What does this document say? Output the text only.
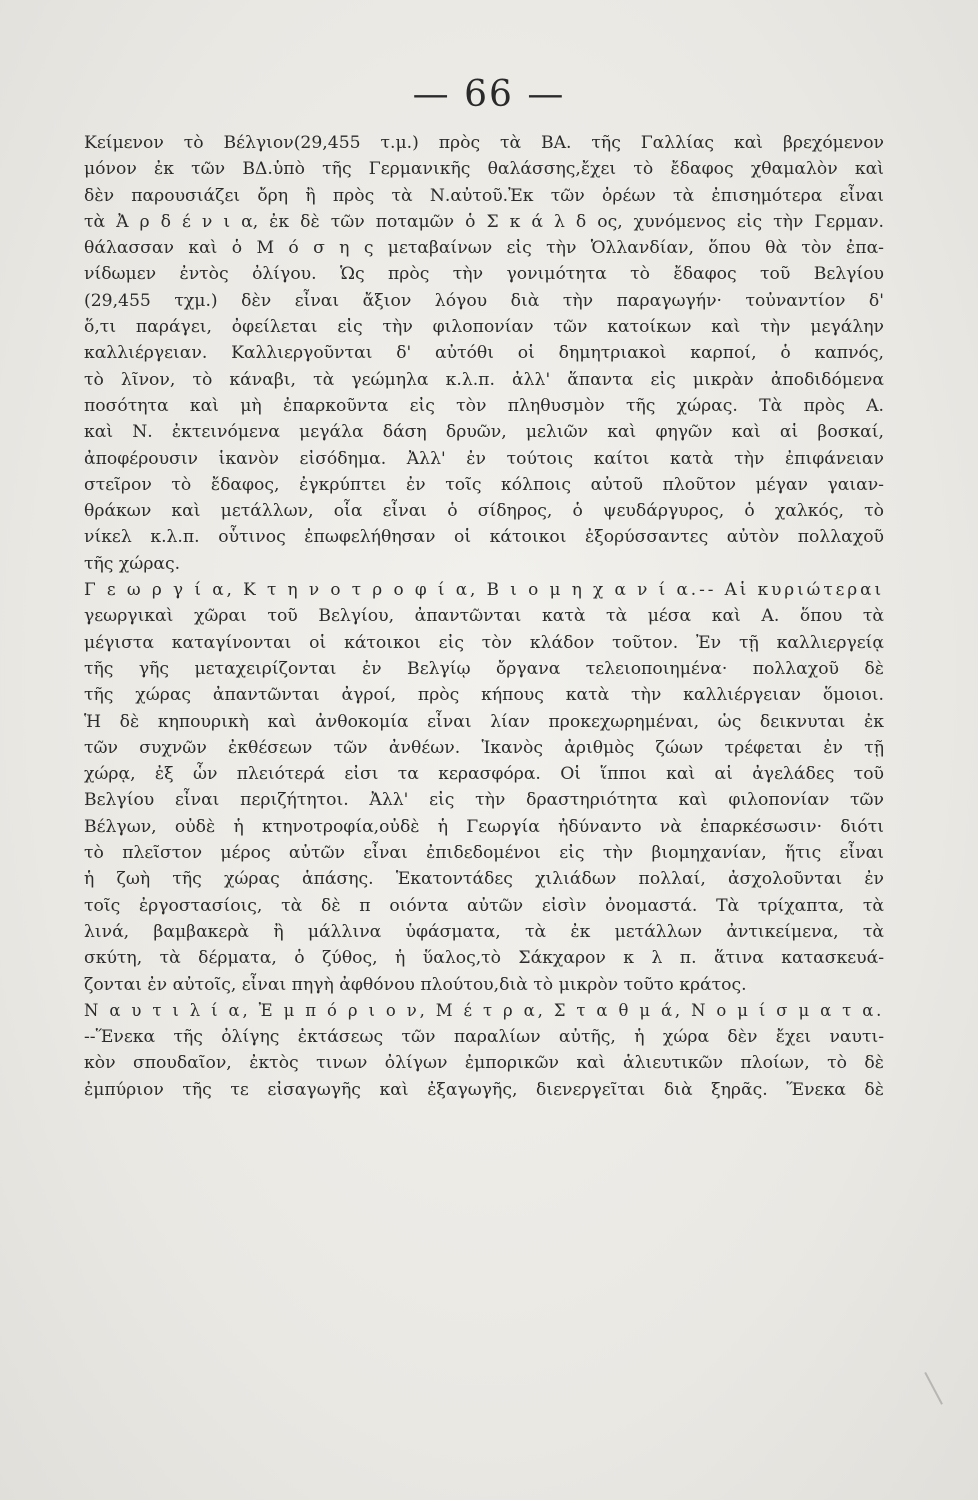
— 66 —
Κείμενον τὸ Βέλγιον(29,455 τ.μ.) πρὸς τὰ ΒΑ. τῆς Γαλλίας καὶ βρεχόμενον
μόνον ἐκ τῶν ΒΔ.ὑπὸ τῆς Γερμανικῆς θαλάσσης,ἔχει τὸ ἔδαφος χθαμαλὸν καὶ
δὲν παρουσιάζει ὄρη ἢ πρὸς τὰ Ν.αὐτοῦ.Ἐκ τῶν ὀρέων τὰ ἐπισημότερα εἶναι
τὰ Ἀ ρ δ έ ν ι α, ἐκ δὲ τῶν ποταμῶν ὁ Σ κ ά λ δ ος, χυνόμενος εἰς τὴν Γερμαν.
θάλασσαν καὶ ὁ Μ ό σ η ς μεταβαίνων εἰς τὴν Ὁλλανδίαν, ὅπου θὰ τὸν ἐπα-
νίδωμεν ἐντὸς ὀλίγου. Ὡς πρὸς τὴν γονιμότητα τὸ ἔδαφος τοῦ Βελγίου
(29,455 τχμ.) δὲν εἶναι ἄξιον λόγου διὰ τὴν παραγωγήν· τοὐναντίον δ'
ὅ,τι παράγει, ὀφείλεται εἰς τὴν φιλοπονίαν τῶν κατοίκων καὶ τὴν μεγάλην
καλλιέργειαν. Καλλιεργοῦνται δ' αὐτόθι οἱ δημητριακοὶ καρποί, ὁ καπνός,
τὸ λῖνον, τὸ κάναβι, τὰ γεώμηλα κ.λ.π. ἀλλ' ἅπαντα εἰς μικρὰν ἀποδιδόμενα
ποσότητα καὶ μὴ ἐπαρκοῦντα εἰς τὸν πληθυσμὸν τῆς χώρας. Τὰ πρὸς Α.
καὶ Ν. ἐκτεινόμενα μεγάλα δάση δρυῶν, μελιῶν καὶ φηγῶν καὶ αἱ βοσκαί,
ἀποφέρουσιν ἱκανὸν εἰσόδημα. Ἀλλ' ἐν τούτοις καίτοι κατὰ τὴν ἐπιφάνειαν
στεῖρον τὸ ἔδαφος, ἐγκρύπτει ἐν τοῖς κόλποις αὐτοῦ πλοῦτον μέγαν γαιαν-
θράκων καὶ μετάλλων, οἷα εἶναι ὁ σίδηρος, ὁ ψευδάργυρος, ὁ χαλκός, τὸ
νίκελ κ.λ.π. οὗτινος ἐπωφελήθησαν οἱ κάτοικοι ἐξορύσσαντες αὐτὸν πολλαχοῦ
τῆς χώρας.
Γ ε ω ρ γ ί α, Κ τ η ν ο τ ρ ο φ ί α, Β ι ο μ η χ α ν ί α.-- Αἱ κυριώτεραι
γεωργικαὶ χῶραι τοῦ Βελγίου, ἀπαντῶνται κατὰ τὰ μέσα καὶ Α. ὅπου τὰ
μέγιστα καταγίνονται οἱ κάτοικοι εἰς τὸν κλάδον τοῦτον. Ἐν τῇ καλλιεργείᾳ
τῆς γῆς μεταχειρίζονται ἐν Βελγίῳ ὄργανα τελειοποιημένα· πολλαχοῦ δὲ
τῆς χώρας ἀπαντῶνται ἀγροί, πρὸς κήπους κατὰ τὴν καλλιέργειαν ὅμοιοι.
Ἡ δὲ κηπουρικὴ καὶ ἀνθοκομία εἶναι λίαν προκεχωρημέναι, ὡς δεικνυται ἐκ
τῶν συχνῶν ἐκθέσεων τῶν ἀνθέων. Ἱκανὸς ἀριθμὸς ζώων τρέφεται ἐν τῇ
χώρᾳ, ἐξ ὧν πλειότερά εἰσι τα κερασφόρα. Οἱ ἵπποι καὶ αἱ ἀγελάδες τοῦ
Βελγίου εἶναι περιζήτητοι. Ἀλλ' εἰς τὴν δραστηριότητα καὶ φιλοπονίαν τῶν
Βέλγων, οὐδὲ ἡ κτηνοτροφία,οὐδὲ ἡ Γεωργία ἠδύναντο νὰ ἐπαρκέσωσιν· διότι
τὸ πλεῖστον μέρος αὐτῶν εἶναι ἐπιδεδομένοι εἰς τὴν βιομηχανίαν, ἥτις εἶναι
ἡ ζωὴ τῆς χώρας ἁπάσης. Ἑκατοντάδες χιλιάδων πολλαί, ἀσχολοῦνται ἐν
τοῖς ἐργοστασίοις, τὰ δὲ π οιόντα αὐτῶν εἰσὶν ὀνομαστά. Τὰ τρίχαπτα, τὰ
λινά, βαμβακερὰ ἢ μάλλινα ὑφάσματα, τὰ ἐκ μετάλλων ἀντικείμενα, τὰ
σκύτη, τὰ δέρματα, ὁ ζύθος, ἡ ὕαλος,τὸ Σάκχαρον κ λ π. ἅτινα κατασκευά-
ζονται ἐν αὐτοῖς, εἶναι πηγὴ ἀφθόνου πλούτου,διὰ τὸ μικρὸν τοῦτο κράτος.
Ν α υ τ ι λ ί α, Ἐ μ π ό ρ ι ο ν, Μ έ τ ρ α, Σ τ α θ μ ά, Ν ο μ ί σ μ α τ α.
--Ἕνεκα τῆς ὀλίγης ἐκτάσεως τῶν παραλίων αὐτῆς, ἡ χώρα δὲν ἔχει ναυτι-
κὸν σπουδαῖον, ἐκτὸς τινων ὀλίγων ἐμπορικῶν καὶ ἁλιευτικῶν πλοίων, τὸ δὲ
ἐμπύριον τῆς τε εἰσαγωγῆς καὶ ἐξαγωγῆς, διενεργεῖται διὰ ξηρᾶς. Ἕνεκα δὲ
